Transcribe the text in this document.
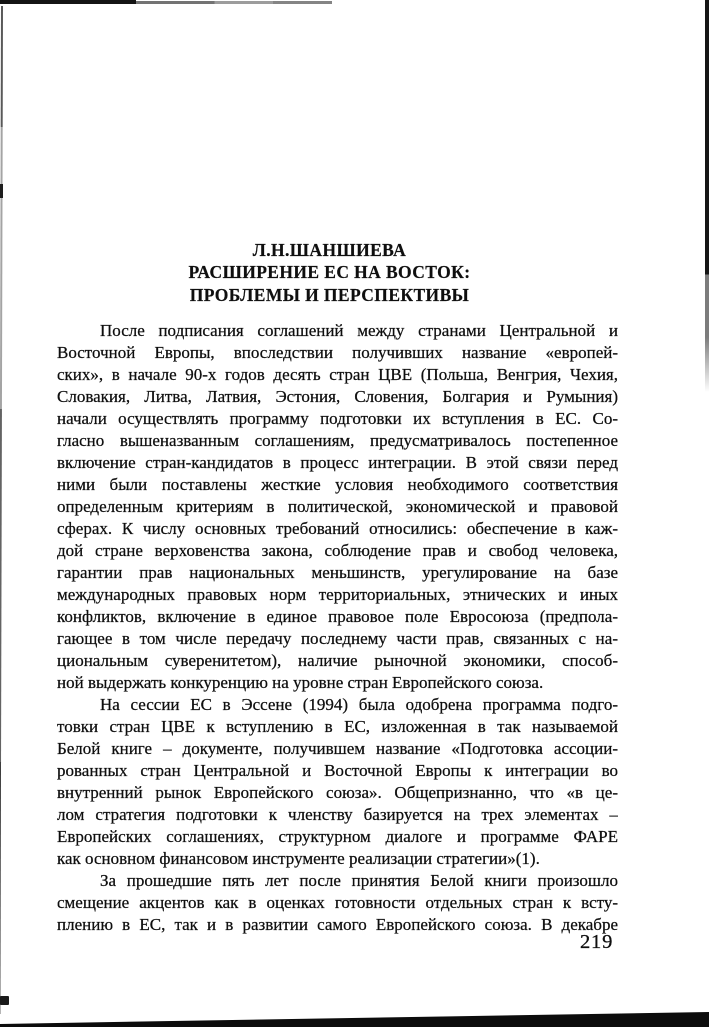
Л.Н.ШАНШИЕВА
РАСШИРЕНИЕ ЕС НА ВОСТОК:
ПРОБЛЕМЫ И ПЕРСПЕКТИВЫ
После подписания соглашений между странами Центральной и
Восточной Европы, впоследствии получивших название «европей-
ских», в начале 90-х годов десять стран ЦВЕ (Польша, Венгрия, Чехия,
Словакия, Литва, Латвия, Эстония, Словения, Болгария и Румыния)
начали осуществлять программу подготовки их вступления в ЕС. Со-
гласно вышеназванным соглашениям, предусматривалось постепенное
включение стран-кандидатов в процесс интеграции. В этой связи перед
ними были поставлены жесткие условия необходимого соответствия
определенным критериям в политической, экономической и правовой
сферах. К числу основных требований относились: обеспечение в каж-
дой стране верховенства закона, соблюдение прав и свобод человека,
гарантии прав национальных меньшинств, урегулирование на базе
международных правовых норм территориальных, этнических и иных
конфликтов, включение в единое правовое поле Евросоюза (предпола-
гающее в том числе передачу последнему части прав, связанных с на-
циональным суверенитетом), наличие рыночной экономики, способ-
ной выдержать конкуренцию на уровне стран Европейского союза.
На сессии ЕС в Эссене (1994) была одобрена программа подго-
товки стран ЦВЕ к вступлению в ЕС, изложенная в так называемой
Белой книге – документе, получившем название «Подготовка ассоции-
рованных стран Центральной и Восточной Европы к интеграции во
внутренний рынок Европейского союза». Общепризнанно, что «в це-
лом стратегия подготовки к членству базируется на трех элементах –
Европейских соглашениях, структурном диалоге и программе ФАРЕ
как основном финансовом инструменте реализации стратегии»(1).
За прошедшие пять лет после принятия Белой книги произошло
смещение акцентов как в оценках готовности отдельных стран к всту-
плению в ЕС, так и в развитии самого Европейского союза. В декабре
219
